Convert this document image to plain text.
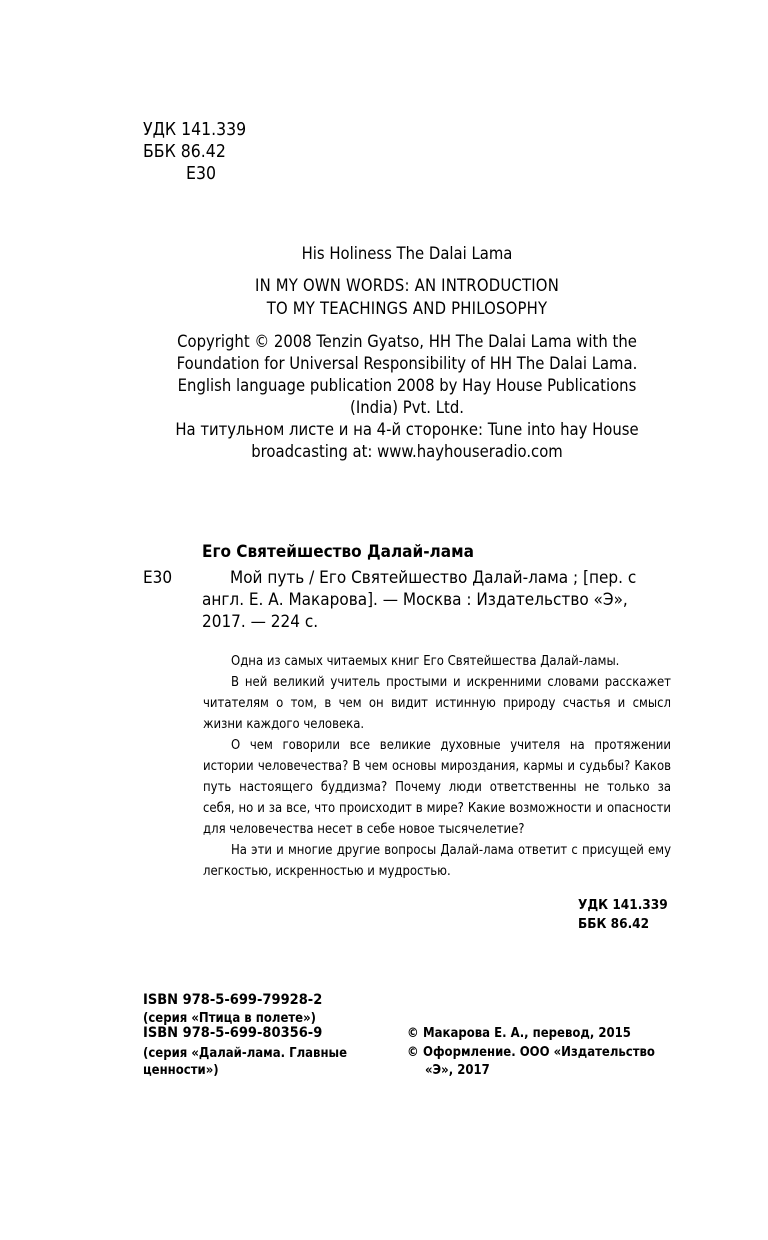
УДК 141.339
ББК 86.42
Е30
His Holiness The Dalai Lama
IN MY OWN WORDS: AN INTRODUCTION
TO MY TEACHINGS AND PHILOSOPHY
Copyright © 2008 Tenzin Gyatso, HH The Dalai Lama with the
Foundation for Universal Responsibility of HH The Dalai Lama.
English language publication 2008 by Hay House Publications
(India) Pvt. Ltd.
На титульном листе и на 4-й сторонке: Tune into hay House
broadcasting at: www.hayhouseradio.com
Его Святейшество Далай-лама
Е30	Мой путь / Его Святейшество Далай-лама ; [пер. с
англ. Е. А. Макарова]. — Москва : Издательство «Э»,
2017. — 224 с.

Одна из самых читаемых книг Его Святейшества Далай-ламы.

В ней великий учитель простыми и искренними словами расскажет читателям о том, в чем он видит истинную природу счастья и смысл жизни каждого человека.

О чем говорили все великие духовные учителя на протяжении истории человечества? В чем основы мироздания, кармы и судьбы? Каков путь настоящего буддизма? Почему люди ответственны не только за себя, но и за все, что происходит в мире? Какие возможности и опасности для человечества несет в себе новое тысячелетие?

На эти и многие другие вопросы Далай-лама ответит с присущей ему легкостью, искренностью и мудростью.

УДК 141.339
ББК 86.42
ISBN 978-5-699-79928-2
(серия «Птица в полете»)
ISBN 978-5-699-80356-9
(серия «Далай-лама. Главные
ценности»)
© Макарова Е. А., перевод, 2015
© Оформление. ООО «Издательство
«Э», 2017
